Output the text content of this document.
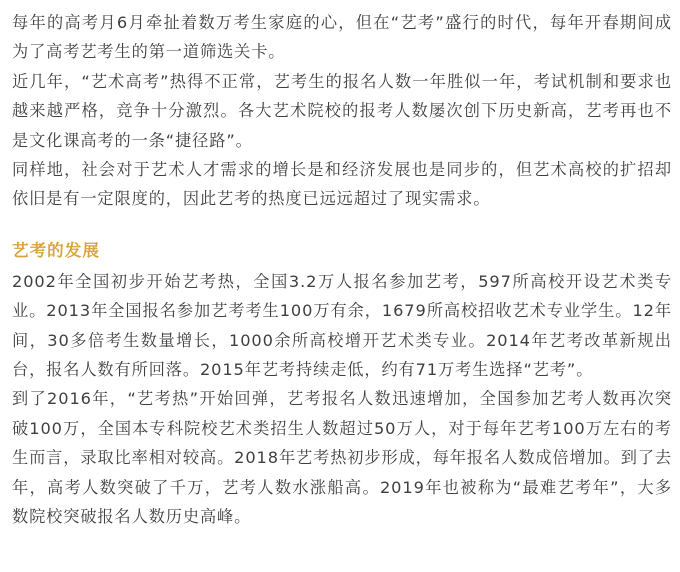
每年的高考月6月牵扯着数万考生家庭的心，但在“艺考”盛行的时代，每年开春期间成为了高考艺考生的第一道筛选关卡。

近几年，“艺术高考”热得不正常，艺考生的报名人数一年胜似一年，考试机制和要求也越来越严格，竞争十分激烈。各大艺术院校的报考人数屡次创下历史新高，艺考再也不是文化课高考的一条“捷径路”。

同样地，社会对于艺术人才需求的增长是和经济发展也是同步的，但艺术高校的扩招却依旧是有一定限度的，因此艺考的热度已远远超过了现实需求。

艺考的发展

2002年全国初步开始艺考热，全国3.2万人报名参加艺考，597所高校开设艺术类专业。2013年全国报名参加艺考考生100万有余，1679所高校招收艺术专业学生。12年间，30多倍考生数量增长，1000余所高校增开艺术类专业。2014年艺考改革新规出台，报名人数有所回落。2015年艺考持续走低，约有71万考生选择“艺考”。

到了2016年，“艺考热”开始回弹，艺考报名人数迅速增加，全国参加艺考人数再次突破100万，全国本专科院校艺术类招生人数超过50万人，对于每年艺考100万左右的考生而言，录取比率相对较高。2018年艺考热初步形成，每年报名人数成倍增加。到了去年，高考人数突破了千万，艺考人数水涨船高。2019年也被称为“最难艺考年”，大多数院校突破报名人数历史高峰。
